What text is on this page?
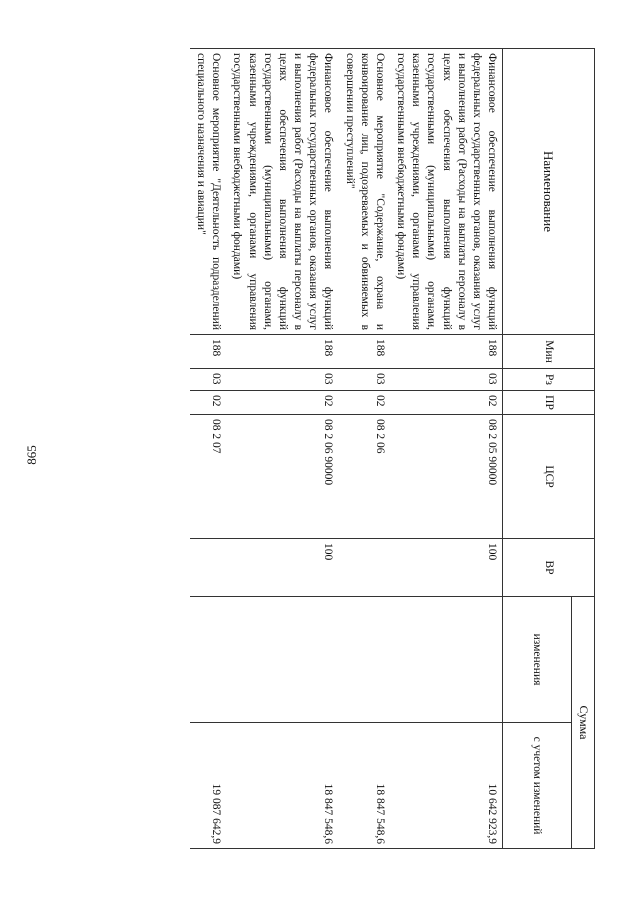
865
Наименование	Мин	Рз	ПР	ЦСР	ВР	Сумма	
						изменения	с учетом изменений
Финансовое обеспечение выполнения функций федеральных государственных органов, оказания услуг и выполнения работ (Расходы на выплаты персоналу в целях обеспечения выполнения функций государственными (муниципальными) органами, казенными учреждениями, органами управления государственными внебюджетными фондами)	188	03	02	08 2 05 90000	100		10 642 923,9
Основное мероприятие "Содержание, охрана и конвоирование лиц, подозреваемых и обвиняемых в совершении преступлений"	188	03	02	08 2 06			18 847 548,6
Финансовое обеспечение выполнения функций федеральных государственных органов, оказания услуг и выполнения работ (Расходы на выплаты персоналу в целях обеспечения выполнения функций государственными (муниципальными) органами, казенными учреждениями, органами управления государственными внебюджетными фондами)	188	03	02	08 2 06 90000	100		18 847 548,6
Основное мероприятие "Деятельность подразделений специального назначения и авиации"	188	03	02	08 2 07			19 087 642,9
